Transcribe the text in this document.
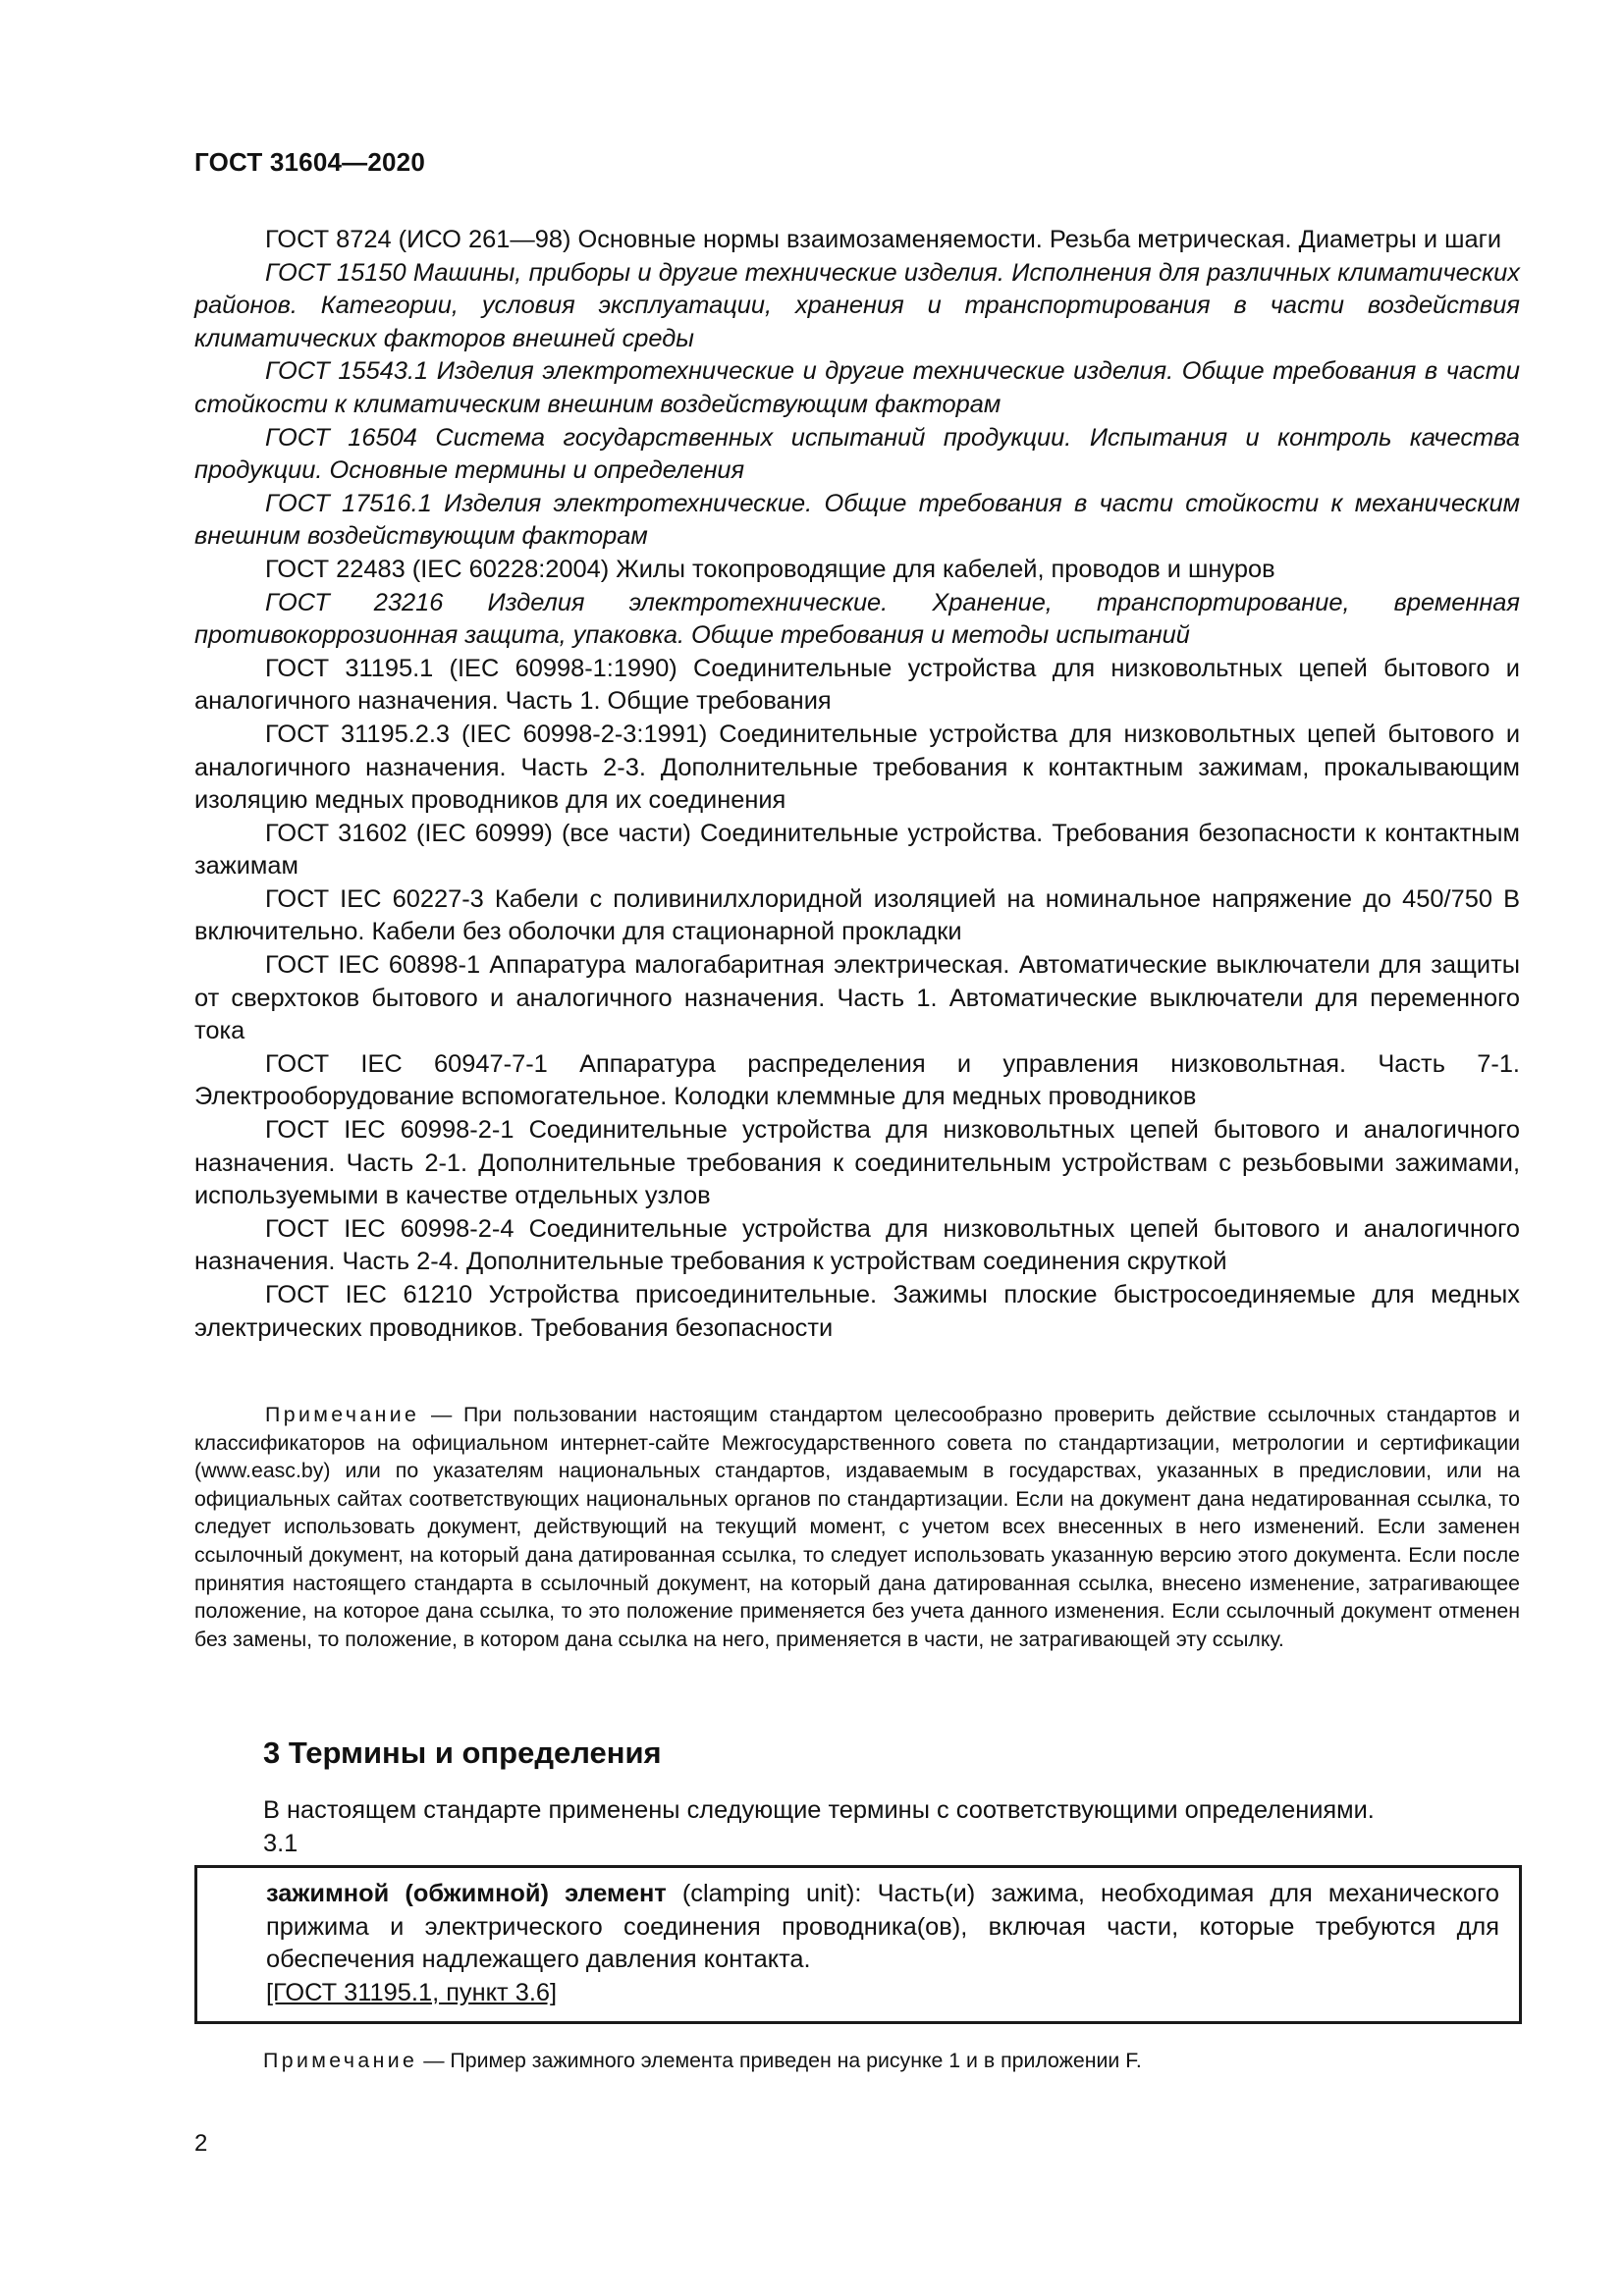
ГОСТ 31604—2020

ГОСТ 8724 (ИСО 261—98) Основные нормы взаимозаменяемости. Резьба метрическая. Диаметры и шаги

ГОСТ 15150 Машины, приборы и другие технические изделия. Исполнения для различных климатических районов. Категории, условия эксплуатации, хранения и транспортирования в части воздействия климатических факторов внешней среды

ГОСТ 15543.1 Изделия электротехнические и другие технические изделия. Общие требования в части стойкости к климатическим внешним воздействующим факторам

ГОСТ 16504 Система государственных испытаний продукции. Испытания и контроль качества продукции. Основные термины и определения

ГОСТ 17516.1 Изделия электротехнические. Общие требования в части стойкости к механическим внешним воздействующим факторам

ГОСТ 22483 (IEC 60228:2004) Жилы токопроводящие для кабелей, проводов и шнуров

ГОСТ 23216 Изделия электротехнические. Хранение, транспортирование, временная противокоррозионная защита, упаковка. Общие требования и методы испытаний

ГОСТ 31195.1 (IEC 60998-1:1990) Соединительные устройства для низковольтных цепей бытового и аналогичного назначения. Часть 1. Общие требования

ГОСТ 31195.2.3 (IEC 60998-2-3:1991) Соединительные устройства для низковольтных цепей бытового и аналогичного назначения. Часть 2-3. Дополнительные требования к контактным зажимам, прокалывающим изоляцию медных проводников для их соединения

ГОСТ 31602 (IEC 60999) (все части) Соединительные устройства. Требования безопасности к контактным зажимам

ГОСТ IEC 60227-3 Кабели с поливинилхлоридной изоляцией на номинальное напряжение до 450/750 В включительно. Кабели без оболочки для стационарной прокладки

ГОСТ IEC 60898-1 Аппаратура малогабаритная электрическая. Автоматические выключатели для защиты от сверхтоков бытового и аналогичного назначения. Часть 1. Автоматические выключатели для переменного тока

ГОСТ IEC 60947-7-1 Аппаратура распределения и управления низковольтная. Часть 7-1. Электрооборудование вспомогательное. Колодки клеммные для медных проводников

ГОСТ IEC 60998-2-1 Соединительные устройства для низковольтных цепей бытового и аналогичного назначения. Часть 2-1. Дополнительные требования к соединительным устройствам с резьбовыми зажимами, используемыми в качестве отдельных узлов

ГОСТ IEC 60998-2-4 Соединительные устройства для низковольтных цепей бытового и аналогичного назначения. Часть 2-4. Дополнительные требования к устройствам соединения скруткой

ГОСТ IEC 61210 Устройства присоединительные. Зажимы плоские быстросоединяемые для медных электрических проводников. Требования безопасности

Примечание — При пользовании настоящим стандартом целесообразно проверить действие ссылочных стандартов и классификаторов на официальном интернет-сайте Межгосударственного совета по стандартизации, метрологии и сертификации (www.easc.by) или по указателям национальных стандартов, издаваемым в государствах, указанных в предисловии, или на официальных сайтах соответствующих национальных органов по стандартизации. Если на документ дана недатированная ссылка, то следует использовать документ, действующий на текущий момент, с учетом всех внесенных в него изменений. Если заменен ссылочный документ, на который дана датированная ссылка, то следует использовать указанную версию этого документа. Если после принятия настоящего стандарта в ссылочный документ, на который дана датированная ссылка, внесено изменение, затрагивающее положение, на которое дана ссылка, то это положение применяется без учета данного изменения. Если ссылочный документ отменен без замены, то положение, в котором дана ссылка на него, применяется в части, не затрагивающей эту ссылку.

3 Термины и определения

В настоящем стандарте применены следующие термины с соответствующими определениями.

3.1

зажимной (обжимной) элемент (clamping unit): Часть(и) зажима, необходимая для механического прижима и электрического соединения проводника(ов), включая части, которые требуются для обеспечения надлежащего давления контакта.

[ГОСТ 31195.1, пункт 3.6]

Примечание — Пример зажимного элемента приведен на рисунке 1 и в приложении F.
2
